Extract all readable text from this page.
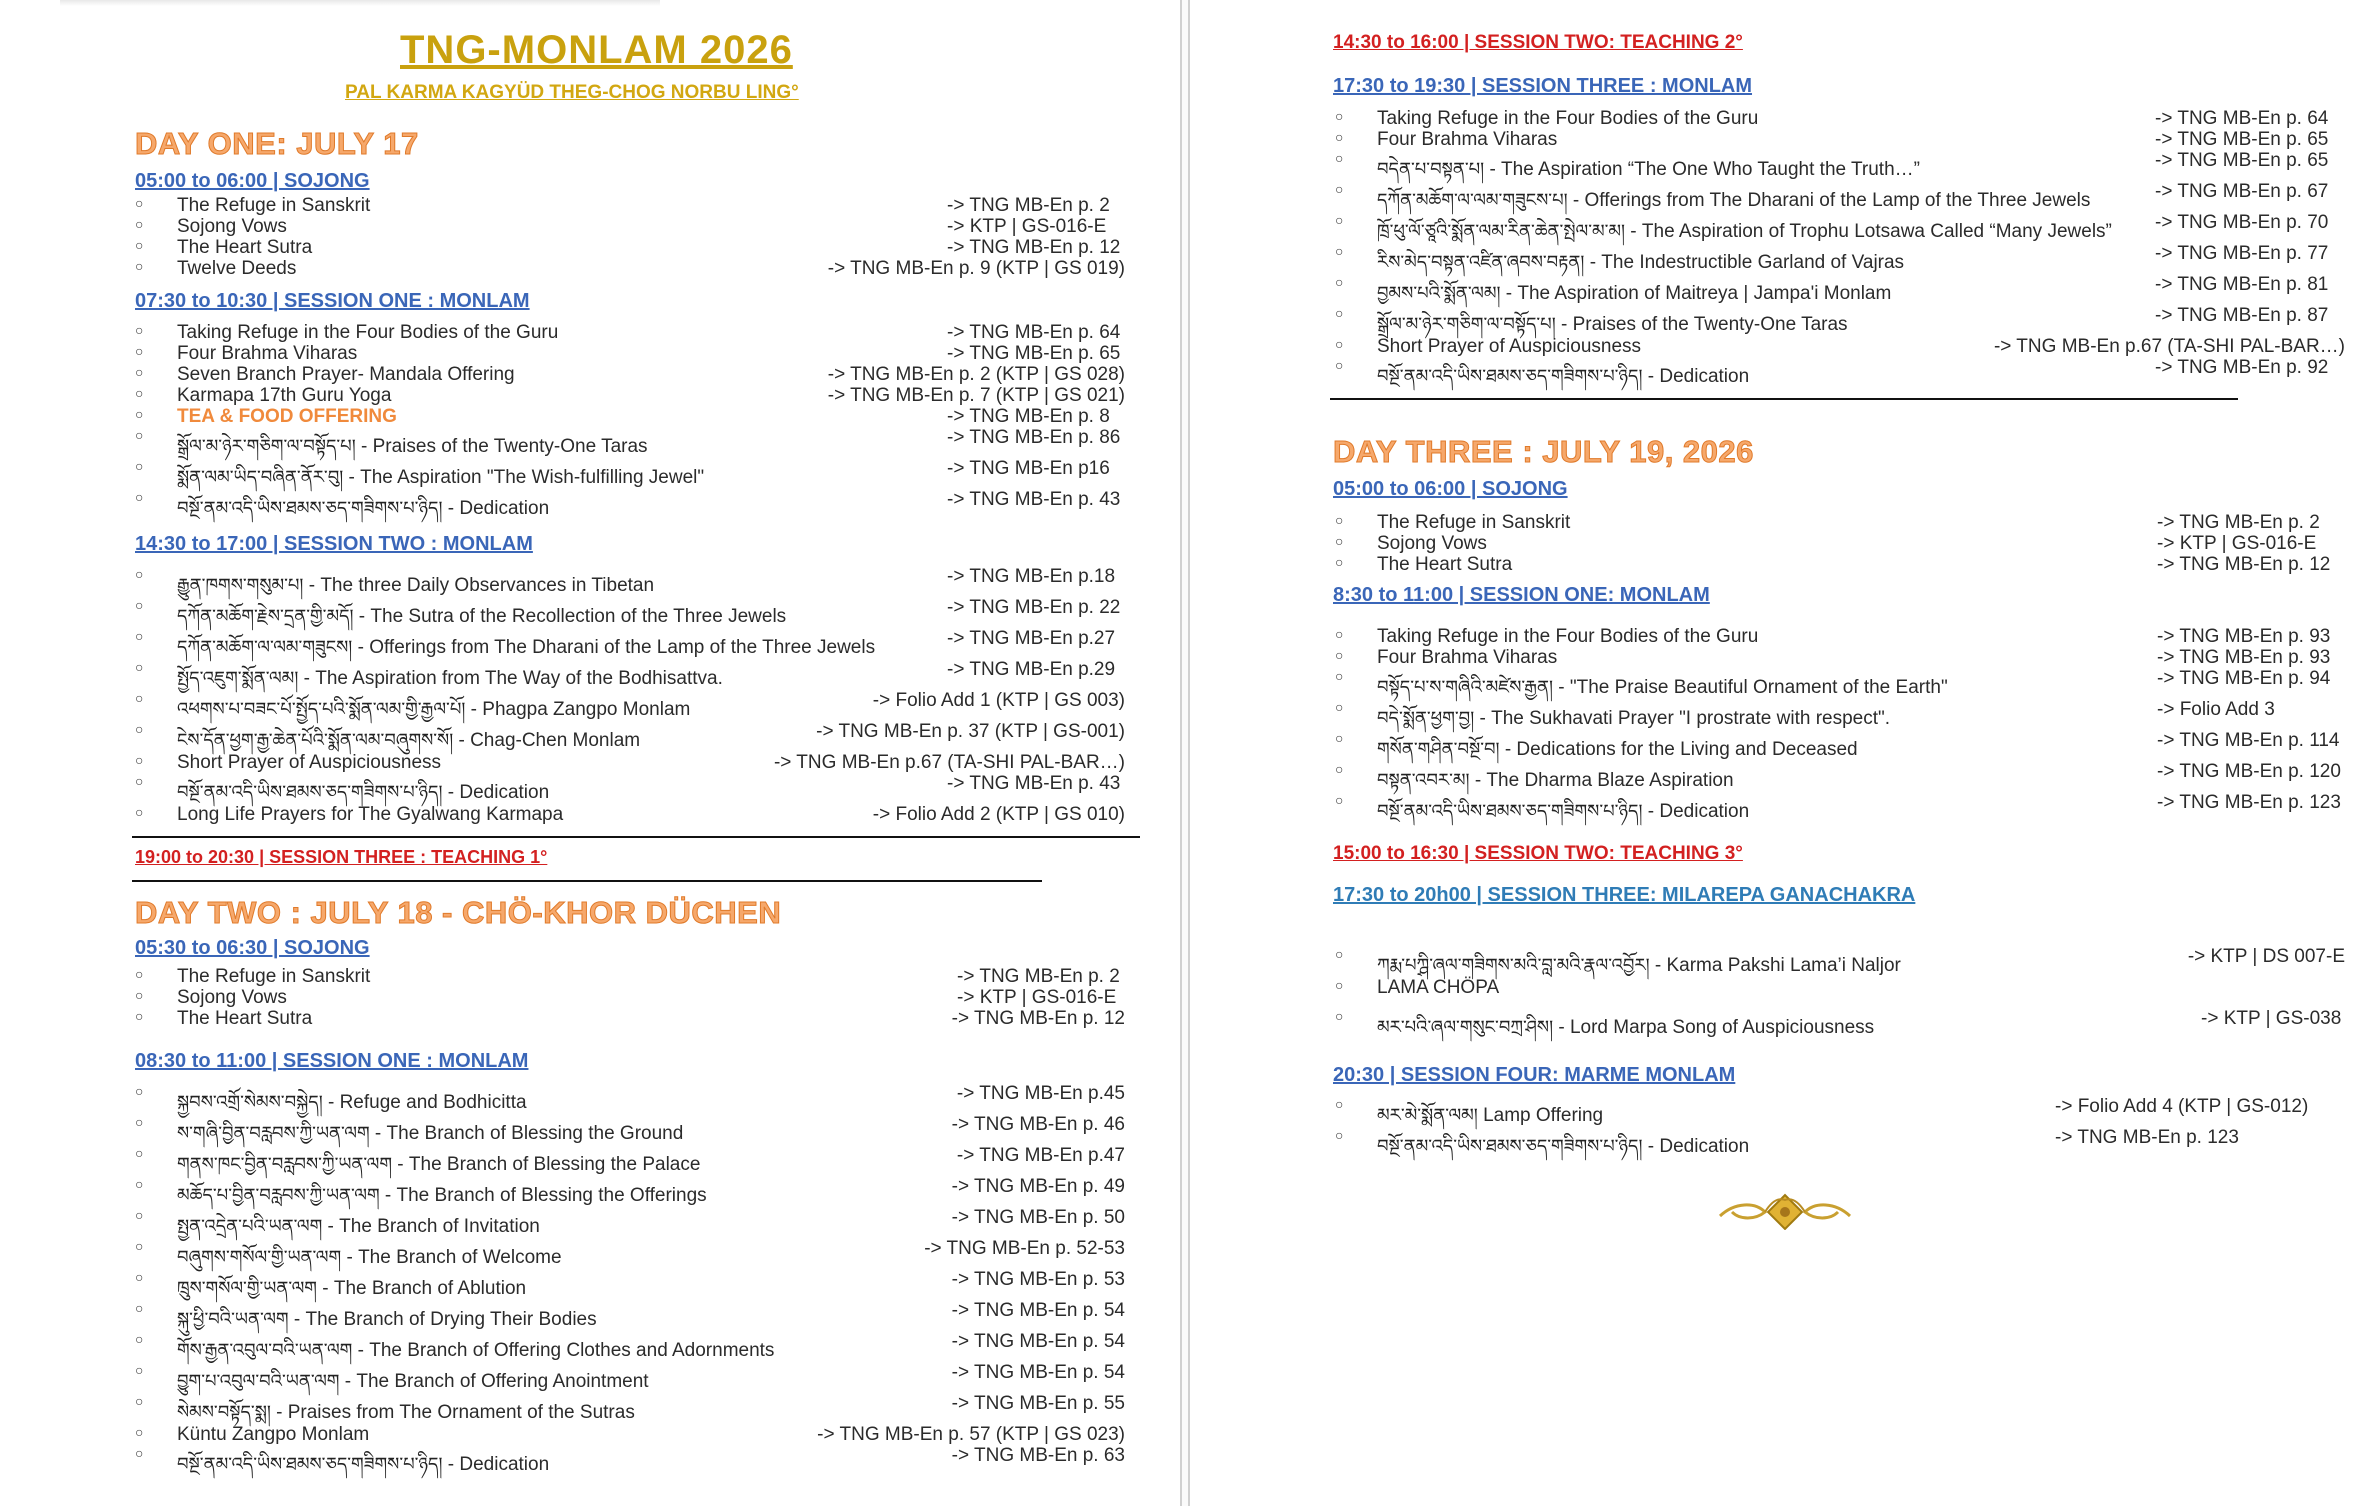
TNG-MONLAM 2026
PAL KARMA KAGYÜD THEG-CHOG NORBU LING°
DAY ONE: JULY 17
05:00 to 06:00 | SOJONG
○ The Refuge in Sanskrit	-> TNG MB-En p. 2
○ Sojong Vows	-> KTP | GS-016-E
○ The Heart Sutra	-> TNG MB-En p. 12
○ Twelve Deeds	-> TNG MB-En p. 9 (KTP | GS 019)
07:30 to 10:30 | SESSION ONE : MONLAM
○ Taking Refuge in the Four Bodies of the Guru	-> TNG MB-En p. 64
○ Four Brahma Viharas	-> TNG MB-En p. 65
○ Seven Branch Prayer- Mandala Offering	-> TNG MB-En p. 2 (KTP | GS 028)
○ Karmapa 17th Guru Yoga	-> TNG MB-En p. 7 (KTP | GS 021)
○ TEA & FOOD OFFERING	-> TNG MB-En p. 8
○
སྒྲོལ་མ་ཉེར་གཅིག་ལ་བསྟོད་པ། - Praises of the Twenty-One Taras	-> TNG MB-En p. 86
○
སྨོན་ལམ་ཡིད་བཞིན་ནོར་བུ། - The Aspiration "The Wish-fulfilling Jewel"	-> TNG MB-En p16
○
བསྔོ་ནམ་འདི་ཡིས་ཐམས་ཅད་གཟིགས་པ་ཉིད། - Dedication	-> TNG MB-En p. 43
14:30 to 17:00 | SESSION TWO : MONLAM
○
རྒྱུན་ཁགས་གསུམ་པ། - The three Daily Observances in Tibetan	-> TNG MB-En p.18
○
དཀོན་མཆོག་རྗེས་དྲན་གྱི་མདོ། - The Sutra of the Recollection of the Three Jewels	-> TNG MB-En p. 22
○
དཀོན་མཆོག་ལ་ལམ་གཟུངས། - Offerings from The Dharani of the Lamp of the Three Jewels	-> TNG MB-En p.27
○
སྤྱོད་འཇུག་སྨོན་ལམ། - The Aspiration from The Way of the Bodhisattva.	-> TNG MB-En p.29
○
འཕགས་པ་བཟང་པོ་སྤྱོད་པའི་སྨོན་ལམ་གྱི་རྒྱལ་པོ། - Phagpa Zangpo Monlam	-> Folio Add 1 (KTP | GS 003)
○
ངེས་དོན་ཕྱག་རྒྱ་ཆེན་པོའི་སྨོན་ལམ་བཞུགས་སོ། - Chag-Chen Monlam	-> TNG MB-En p. 37 (KTP | GS-001)
○ Short Prayer of Auspiciousness	-> TNG MB-En p.67 (TA-SHI PAL-BAR…)
○
བསྔོ་ནམ་འདི་ཡིས་ཐམས་ཅད་གཟིགས་པ་ཉིད། - Dedication	-> TNG MB-En p. 43
○ Long Life Prayers for The Gyalwang Karmapa	-> Folio Add 2 (KTP | GS 010)
19:00 to 20:30 | SESSION THREE : TEACHING 1°
DAY TWO : JULY 18 - CHÖ-KHOR DÜCHEN
05:30 to 06:30 | SOJONG
○ The Refuge in Sanskrit	-> TNG MB-En p. 2
○ Sojong Vows	-> KTP | GS-016-E
○ The Heart Sutra	-> TNG MB-En p. 12
08:30 to 11:00 | SESSION ONE : MONLAM
○
སྐྱབས་འགྲོ་སེམས་བསྐྱེད། - Refuge and Bodhicitta	-> TNG MB-En p.45
○
ས་གཞི་བྱིན་བརླབས་ཀྱི་ཡན་ལག - The Branch of Blessing the Ground	-> TNG MB-En p. 46
○
གནས་ཁང་བྱིན་བརླབས་ཀྱི་ཡན་ལག - The Branch of Blessing the Palace	-> TNG MB-En p.47
○
མཆོད་པ་བྱིན་བརླབས་ཀྱི་ཡན་ལག - The Branch of Blessing the Offerings	-> TNG MB-En p. 49
○
སྤྱན་འདྲེན་པའི་ཡན་ལག - The Branch of Invitation	-> TNG MB-En p. 50
○
བཞུགས་གསོལ་གྱི་ཡན་ལག - The Branch of Welcome	-> TNG MB-En p. 52-53
○
ཁྲུས་གསོལ་གྱི་ཡན་ལག - The Branch of Ablution	-> TNG MB-En p. 53
○
སྐུ་ཕྱི་བའི་ཡན་ལག - The Branch of Drying Their Bodies	-> TNG MB-En p. 54
○
གོས་རྒྱན་འབུལ་བའི་ཡན་ལག - The Branch of Offering Clothes and Adornments	-> TNG MB-En p. 54
○
བྱུག་པ་འབུལ་བའི་ཡན་ལག - The Branch of Offering Anointment	-> TNG MB-En p. 54
○
སེམས་བསྟོད་སྨ། - Praises from The Ornament of the Sutras	-> TNG MB-En p. 55
○ Küntu Zangpo Monlam	-> TNG MB-En p. 57 (KTP | GS 023)
○
བསྔོ་ནམ་འདི་ཡིས་ཐམས་ཅད་གཟིགས་པ་ཉིད། - Dedication	-> TNG MB-En p. 63
14:30 to 16:00 | SESSION TWO: TEACHING 2°
17:30 to 19:30 | SESSION THREE : MONLAM
○ Taking Refuge in the Four Bodies of the Guru	-> TNG MB-En p. 64
○ Four Brahma Viharas	-> TNG MB-En p. 65
○
བདེན་པ་བསྟན་པ། - The Aspiration “The One Who Taught the Truth…”	-> TNG MB-En p. 65
○
དཀོན་མཆོག་ལ་ལམ་གཟུངས་པ། - Offerings from The Dharani of the Lamp of the Three Jewels	-> TNG MB-En p. 67
○
ཁྲོ་ཕུ་ལོ་ཙཱའི་སྨོན་ལམ་རིན་ཆེན་སྤེལ་མ་མ། - The Aspiration of Trophu Lotsawa Called “Many Jewels” -> TNG MB-En p. 70
○
རིས་མེད་བསྟན་འཛིན་ཞབས་བརྟན། - The Indestructible Garland of Vajras	-> TNG MB-En p. 77
○
བྱམས་པའི་སྨོན་ལམ། - The Aspiration of Maitreya | Jampa'i Monlam	-> TNG MB-En p. 81
○
སྒྲོལ་མ་ཉེར་གཅིག་ལ་བསྟོད་པ། - Praises of the Twenty-One Taras	-> TNG MB-En p. 87
○ Short Prayer of Auspiciousness	-> TNG MB-En p.67 (TA-SHI PAL-BAR…)
○
བསྔོ་ནམ་འདི་ཡིས་ཐམས་ཅད་གཟིགས་པ་ཉིད། - Dedication	-> TNG MB-En p. 92
DAY THREE : JULY 19, 2026
05:00 to 06:00 | SOJONG
○ The Refuge in Sanskrit	-> TNG MB-En p. 2
○ Sojong Vows	-> KTP | GS-016-E
○ The Heart Sutra	-> TNG MB-En p. 12
8:30 to 11:00 | SESSION ONE: MONLAM
○ Taking Refuge in the Four Bodies of the Guru	-> TNG MB-En p. 93
○ Four Brahma Viharas	-> TNG MB-En p. 93
○
བསྟོད་པ་ས་གཞིའི་མཛེས་རྒྱན། - "The Praise Beautiful Ornament of the Earth"	-> TNG MB-En p. 94
○
བདེ་སྨོན་ཕྱག་བྱ། - The Sukhavati Prayer "I prostrate with respect".	-> Folio Add 3
○
གསོན་གཤིན་བསྔོ་བ། - Dedications for the Living and Deceased	-> TNG MB-En p. 114
○
བསྟན་འབར་མ། - The Dharma Blaze Aspiration	-> TNG MB-En p. 120
○
བསྔོ་ནམ་འདི་ཡིས་ཐམས་ཅད་གཟིགས་པ་ཉིད། - Dedication	-> TNG MB-En p. 123
15:00 to 16:30 | SESSION TWO: TEACHING 3°
17:30 to 20h00 | SESSION THREE: MILAREPA GANACHAKRA
○
ཀརྨ་པཀྴི་ཞལ་གཟིགས་མའི་བླ་མའི་རྣལ་འབྱོར། - Karma Pakshi Lama’i Naljor	-> KTP | DS 007-E
○ LAMA CHÖPA
○
མར་པའི་ཞལ་གསུང་བཀྲ་ཤིས། - Lord Marpa Song of Auspiciousness	-> KTP | GS-038
20:30 | SESSION FOUR: MARME MONLAM
○
མར་མེ་སྨོན་ལམ། Lamp Offering	-> Folio Add 4 (KTP | GS-012)
○
བསྔོ་ནམ་འདི་ཡིས་ཐམས་ཅད་གཟིགས་པ་ཉིད། - Dedication	-> TNG MB-En p. 123
